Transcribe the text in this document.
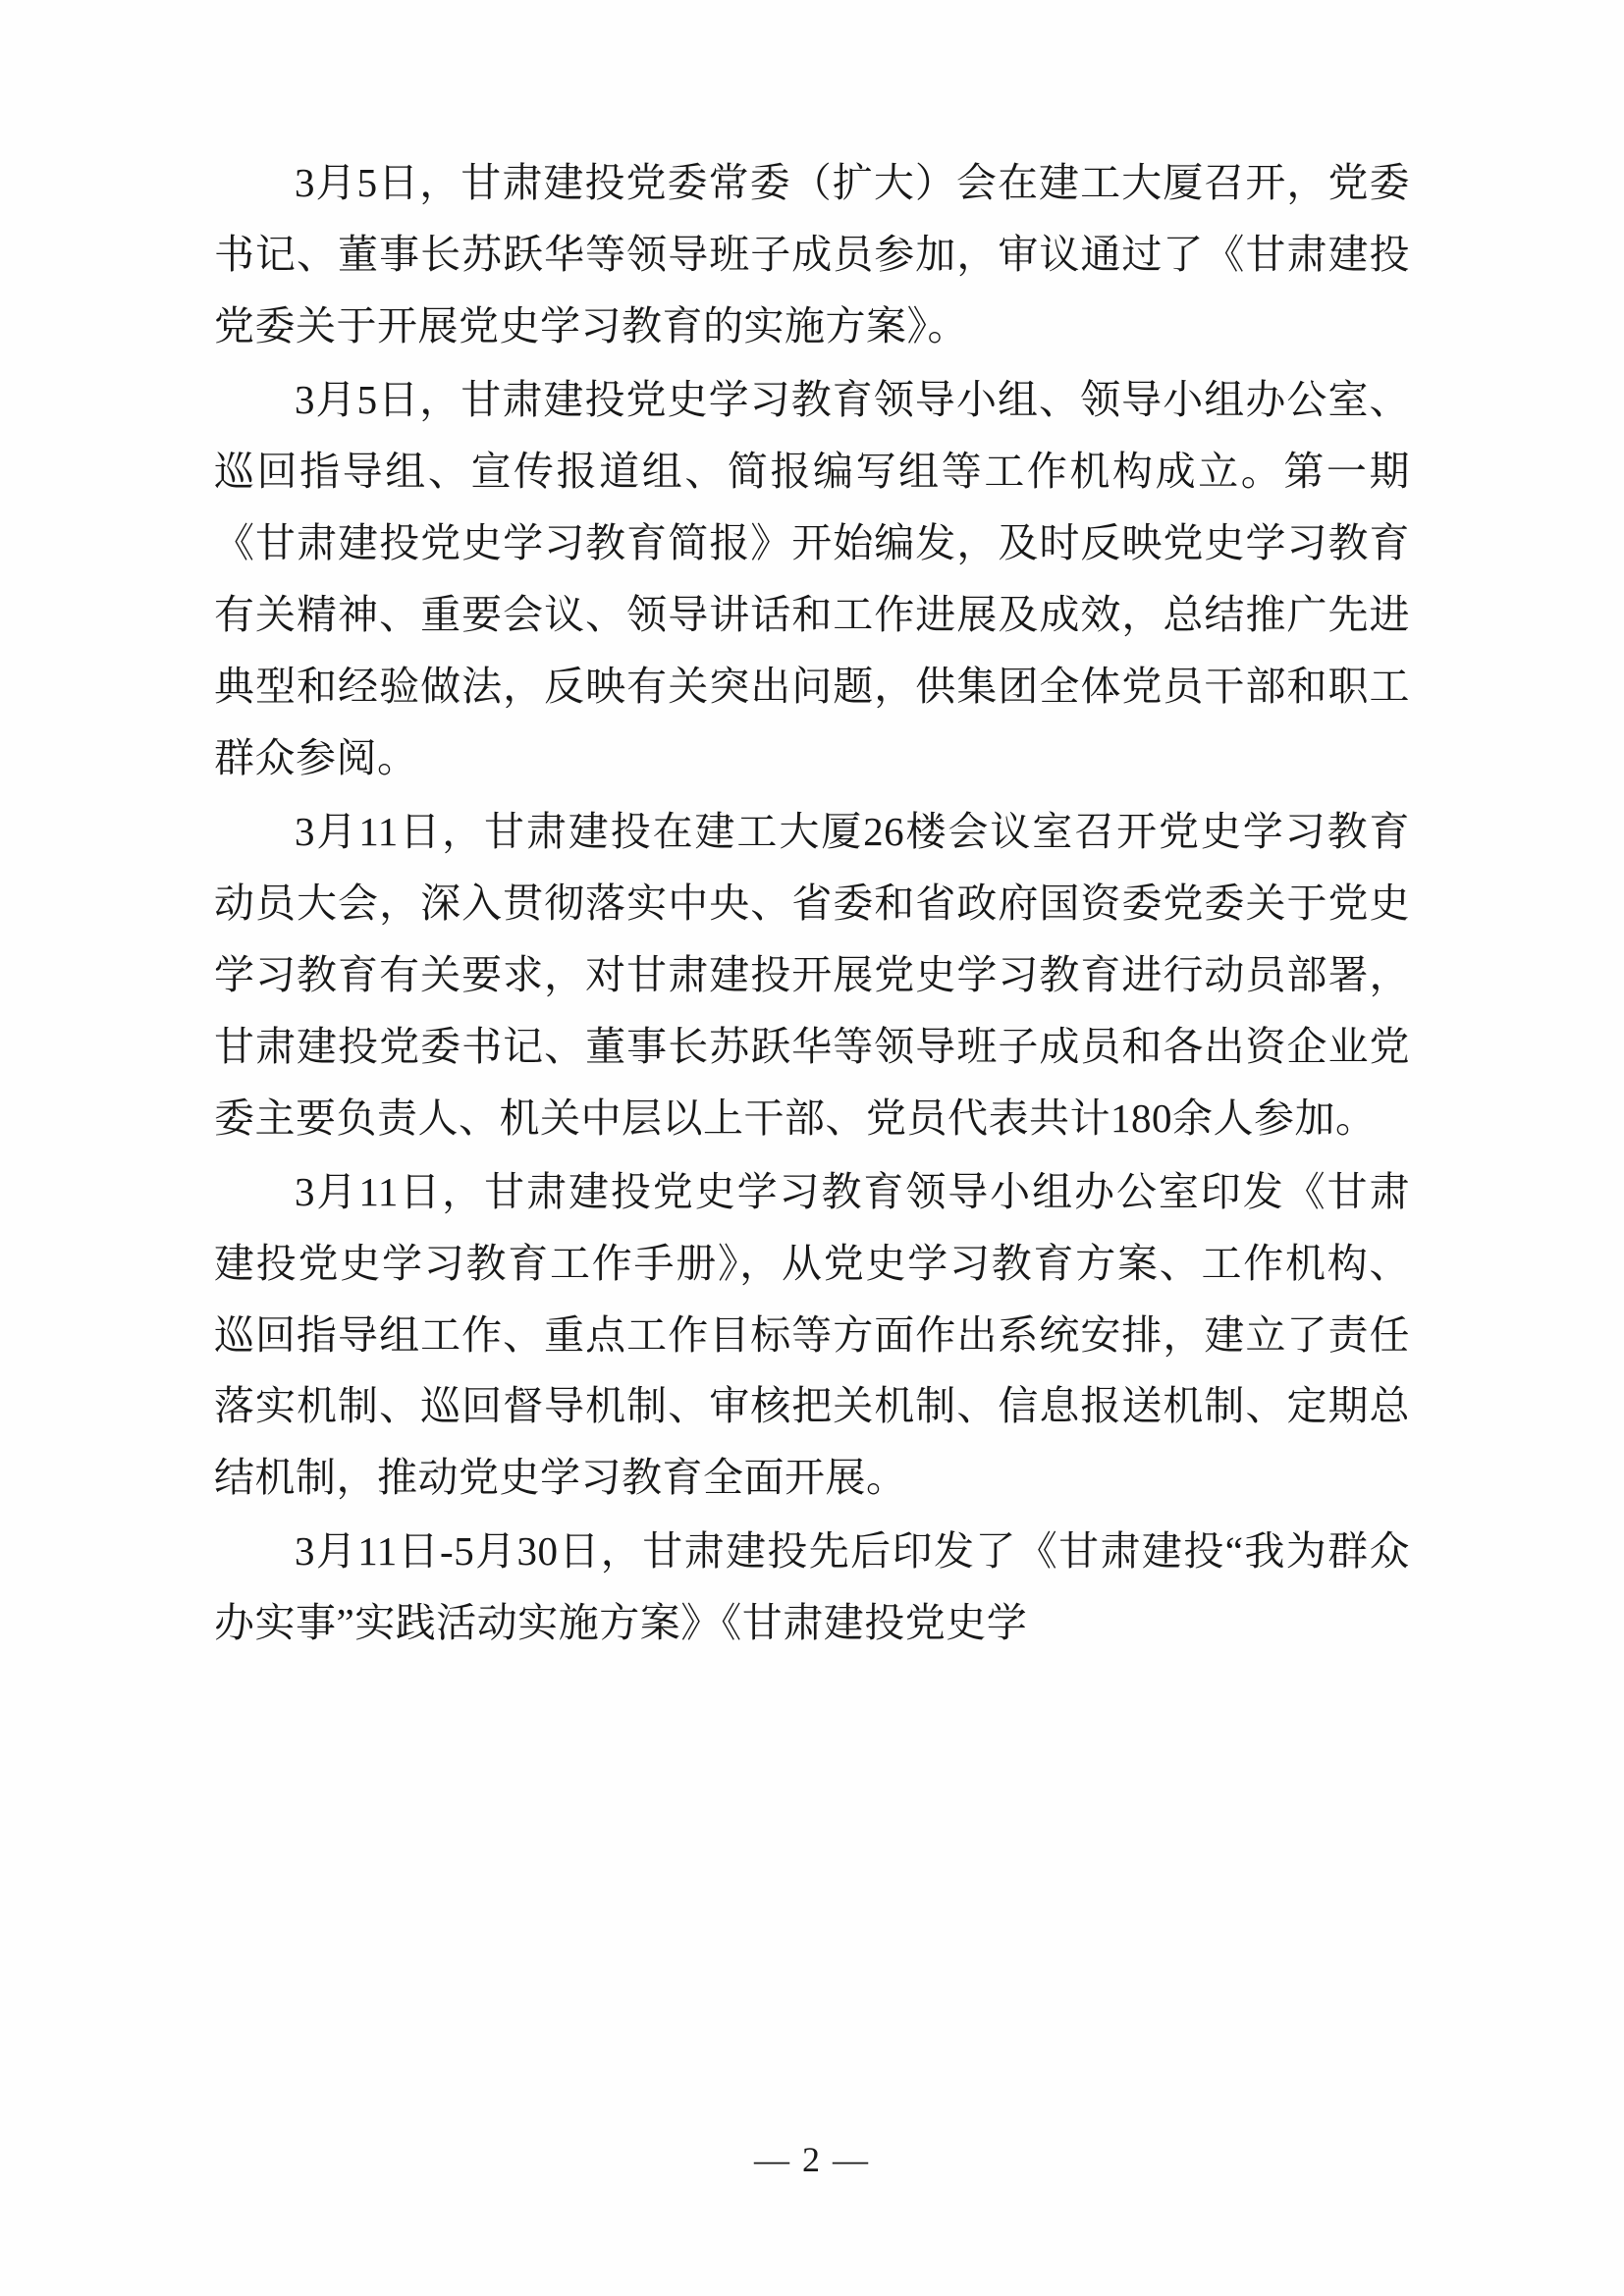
3月5日，甘肃建投党委常委（扩大）会在建工大厦召开，党委书记、董事长苏跃华等领导班子成员参加，审议通过了《甘肃建投党委关于开展党史学习教育的实施方案》。

3月5日，甘肃建投党史学习教育领导小组、领导小组办公室、巡回指导组、宣传报道组、简报编写组等工作机构成立。第一期《甘肃建投党史学习教育简报》开始编发，及时反映党史学习教育有关精神、重要会议、领导讲话和工作进展及成效，总结推广先进典型和经验做法，反映有关突出问题，供集团全体党员干部和职工群众参阅。

3月11日，甘肃建投在建工大厦26楼会议室召开党史学习教育动员大会，深入贯彻落实中央、省委和省政府国资委党委关于党史学习教育有关要求，对甘肃建投开展党史学习教育进行动员部署，甘肃建投党委书记、董事长苏跃华等领导班子成员和各出资企业党委主要负责人、机关中层以上干部、党员代表共计180余人参加。

3月11日，甘肃建投党史学习教育领导小组办公室印发《甘肃建投党史学习教育工作手册》，从党史学习教育方案、工作机构、巡回指导组工作、重点工作目标等方面作出系统安排，建立了责任落实机制、巡回督导机制、审核把关机制、信息报送机制、定期总结机制，推动党史学习教育全面开展。

3月11日-5月30日，甘肃建投先后印发了《甘肃建投“我为群众办实事”实践活动实施方案》《甘肃建投党史学

— 2 —
